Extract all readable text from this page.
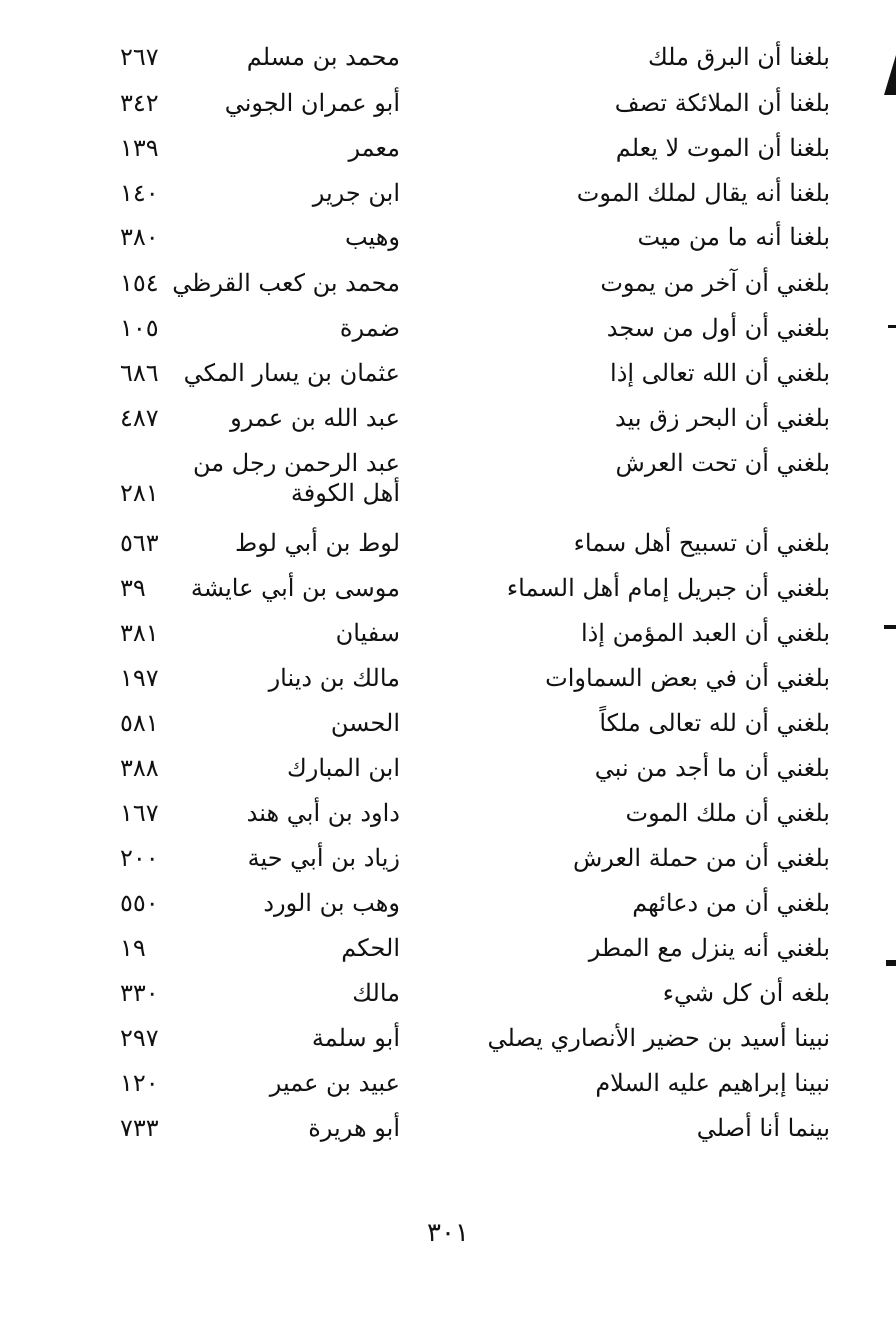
بلغنا أن البرق ملك
محمد بن مسلم
٢٦٧
بلغنا أن الملائكة تصف
أبو عمران الجوني
٣٤٢
بلغنا أن الموت لا يعلم
معمر
١٣٩
بلغنا أنه يقال لملك الموت
ابن جرير
١٤٠
بلغنا أنه ما من ميت
وهيب
٣٨٠
بلغني أن آخر من يموت
محمد بن كعب القرظي
١٥٤
بلغني أن أول من سجد
ضمرة
١٠٥
بلغني أن الله تعالى إذا
عثمان بن يسار المكي
٦٨٦
بلغني أن البحر زق بيد
عبد الله بن عمرو
٤٨٧
بلغني أن تحت العرش
عبد الرحمن رجل من أهل الكوفة
٢٨١
بلغني أن تسبيح أهل سماء
لوط بن أبي لوط
٥٦٣
بلغني أن جبريل إمام أهل السماء
موسى بن أبي عايشة
٣٩
بلغني أن العبد المؤمن إذا
سفيان
٣٨١
بلغني أن في بعض السماوات
مالك بن دينار
١٩٧
بلغني أن لله تعالى ملكاً
الحسن
٥٨١
بلغني أن ما أجد من نبي
ابن المبارك
٣٨٨
بلغني أن ملك الموت
داود بن أبي هند
١٦٧
بلغني أن من حملة العرش
زياد بن أبي حية
٢٠٠
بلغني أن من دعائهم
وهب بن الورد
٥٥٠
بلغني أنه ينزل مع المطر
الحكم
١٩
بلغه أن كل شيء
مالك
٣٣٠
نبينا أسيد بن حضير الأنصاري يصلي
أبو سلمة
٢٩٧
نبينا إبراهيم عليه السلام
عبيد بن عمير
١٢٠
بينما أنا أصلي
أبو هريرة
٧٣٣
٣٠١
